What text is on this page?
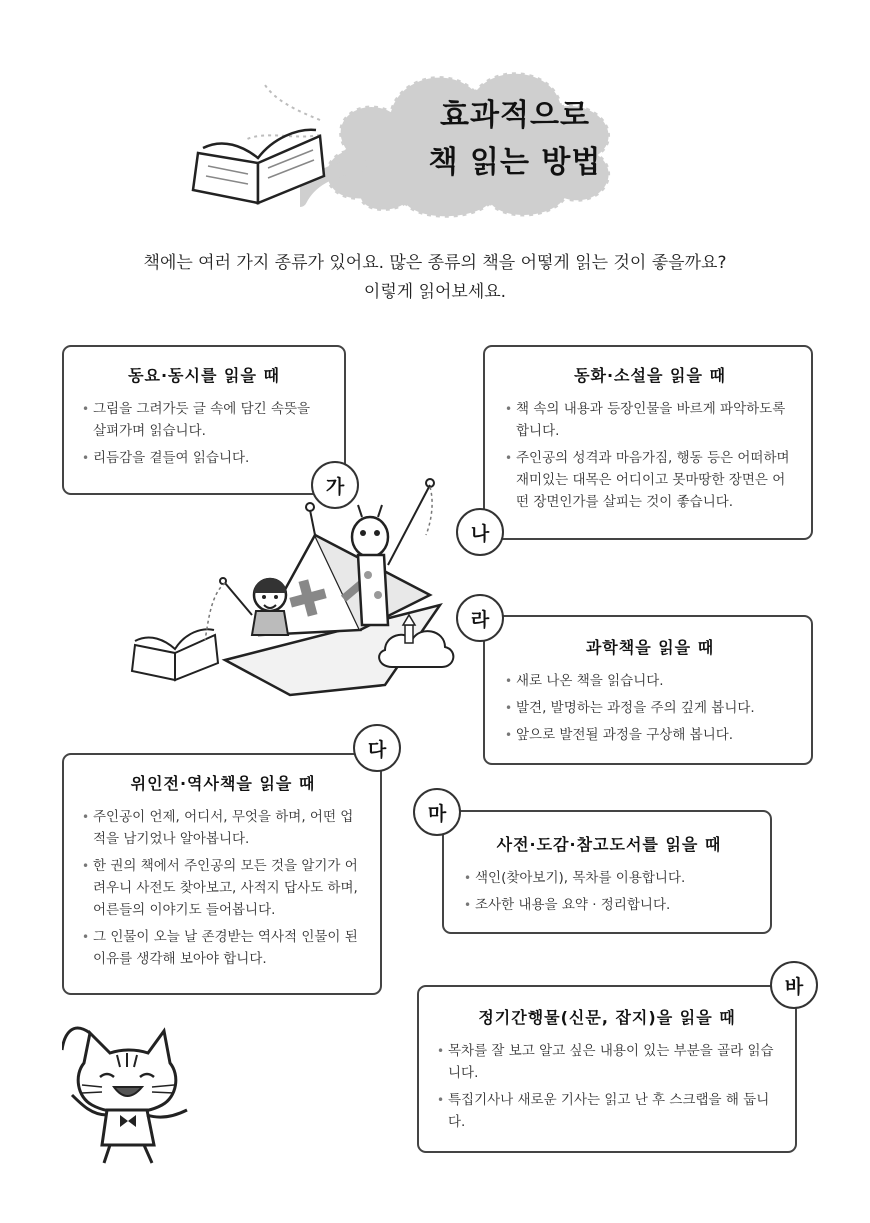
효과적으로
책 읽는 방법
책에는 여러 가지 종류가 있어요. 많은 종류의 책을 어떻게 읽는 것이 좋을까요?
이렇게 읽어보세요.
동요·동시를 읽을 때
• 그림을 그려가듯 글 속에 담긴 속뜻을 살펴가며 읽습니다.
• 리듬감을 곁들여 읽습니다.
가
동화·소설을 읽을 때
• 책 속의 내용과 등장인물을 바르게 파악하도록 합니다.
• 주인공의 성격과 마음가짐, 행동 등은 어떠하며 재미있는 대목은 어디이고 못마땅한 장면은 어떤 장면인가를 살피는 것이 좋습니다.
나
과학책을 읽을 때
• 새로 나온 책을 읽습니다.
• 발견, 발명하는 과정을 주의 깊게 봅니다.
• 앞으로 발전될 과정을 구상해 봅니다.
라
위인전·역사책을 읽을 때
• 주인공이 언제, 어디서, 무엇을 하며, 어떤 업적을 남기었나 알아봅니다.
• 한 권의 책에서 주인공의 모든 것을 알기가 어려우니 사전도 찾아보고, 사적지 답사도 하며, 어른들의 이야기도 들어봅니다.
• 그 인물이 오늘 날 존경받는 역사적 인물이 된 이유를 생각해 보아야 합니다.
다
사전·도감·참고도서를 읽을 때
• 색인(찾아보기), 목차를 이용합니다.
• 조사한 내용을 요약 · 정리합니다.
마
정기간행물(신문, 잡지)을 읽을 때
• 목차를 잘 보고 알고 싶은 내용이 있는 부분을 골라 읽습니다.
• 특집기사나 새로운 기사는 읽고 난 후 스크랩을 해 둡니다.
바
